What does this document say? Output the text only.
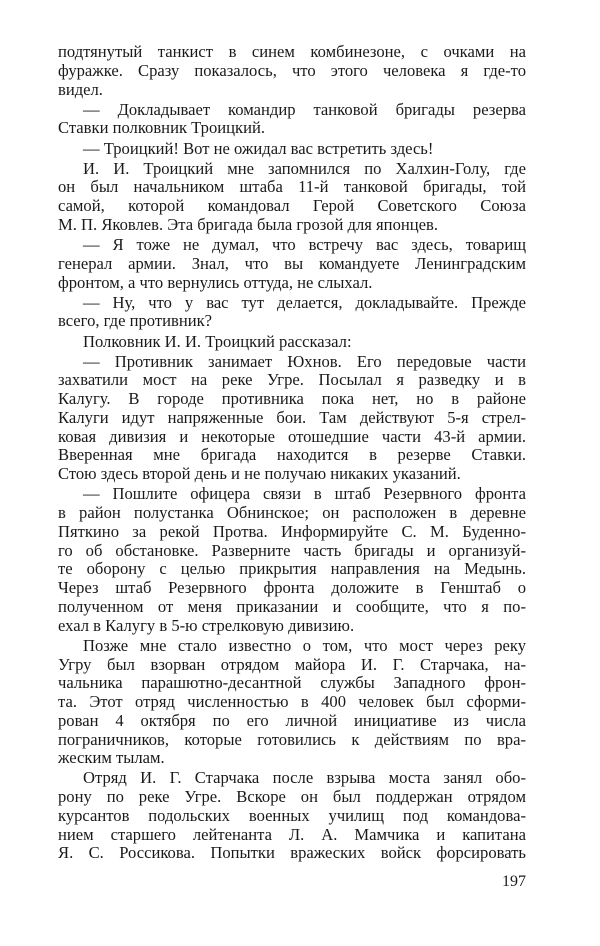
подтянутый танкист в синем комбинезоне, с очками на
фуражке. Сразу показалось, что этого человека я где-то
видел.
— Докладывает командир танковой бригады резерва
Ставки полковник Троицкий.
— Троицкий! Вот не ожидал вас встретить здесь!
И. И. Троицкий мне запомнился по Халхин-Голу, где
он был начальником штаба 11-й танковой бригады, той
самой, которой командовал Герой Советского Союза
М. П. Яковлев. Эта бригада была грозой для японцев.
— Я тоже не думал, что встречу вас здесь, товарищ
генерал армии. Знал, что вы командуете Ленинградским
фронтом, а что вернулись оттуда, не слыхал.
— Ну, что у вас тут делается, докладывайте. Прежде
всего, где противник?
Полковник И. И. Троицкий рассказал:
— Противник занимает Юхнов. Его передовые части
захватили мост на реке Угре. Посылал я разведку и в
Калугу. В городе противника пока нет, но в районе
Калуги идут напряженные бои. Там действуют 5-я стрел-
ковая дивизия и некоторые отошедшие части 43-й армии.
Вверенная мне бригада находится в резерве Ставки.
Стою здесь второй день и не получаю никаких указаний.
— Пошлите офицера связи в штаб Резервного фронта
в район полустанка Обнинское; он расположен в деревне
Пяткино за рекой Протва. Информируйте С. М. Буденно-
го об обстановке. Разверните часть бригады и организуй-
те оборону с целью прикрытия направления на Медынь.
Через штаб Резервного фронта доложите в Генштаб о
полученном от меня приказании и сообщите, что я по-
ехал в Калугу в 5-ю стрелковую дивизию.
Позже мне стало известно о том, что мост через реку
Угру был взорван отрядом майора И. Г. Старчака, на-
чальника парашютно-десантной службы Западного фрон-
та. Этот отряд численностью в 400 человек был сформи-
рован 4 октября по его личной инициативе из числа
пограничников, которые готовились к действиям по вра-
жеским тылам.
Отряд И. Г. Старчака после взрыва моста занял обо-
рону по реке Угре. Вскоре он был поддержан отрядом
курсантов подольских военных училищ под командова-
нием старшего лейтенанта Л. А. Мамчика и капитана
Я. С. Россикова. Попытки вражеских войск форсировать
197
